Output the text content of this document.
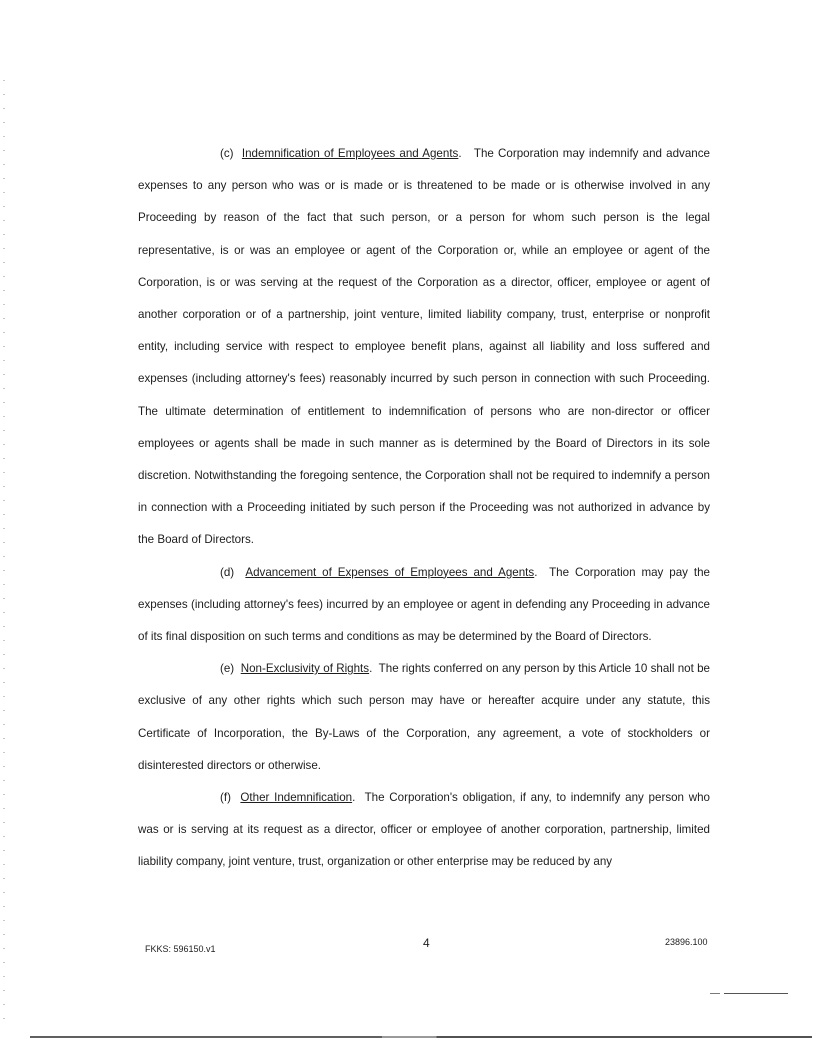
(c) Indemnification of Employees and Agents. The Corporation may indemnify and advance expenses to any person who was or is made or is threatened to be made or is otherwise involved in any Proceeding by reason of the fact that such person, or a person for whom such person is the legal representative, is or was an employee or agent of the Corporation or, while an employee or agent of the Corporation, is or was serving at the request of the Corporation as a director, officer, employee or agent of another corporation or of a partnership, joint venture, limited liability company, trust, enterprise or nonprofit entity, including service with respect to employee benefit plans, against all liability and loss suffered and expenses (including attorney's fees) reasonably incurred by such person in connection with such Proceeding. The ultimate determination of entitlement to indemnification of persons who are non-director or officer employees or agents shall be made in such manner as is determined by the Board of Directors in its sole discretion. Notwithstanding the foregoing sentence, the Corporation shall not be required to indemnify a person in connection with a Proceeding initiated by such person if the Proceeding was not authorized in advance by the Board of Directors.

(d) Advancement of Expenses of Employees and Agents. The Corporation may pay the expenses (including attorney's fees) incurred by an employee or agent in defending any Proceeding in advance of its final disposition on such terms and conditions as may be determined by the Board of Directors.

(e) Non-Exclusivity of Rights. The rights conferred on any person by this Article 10 shall not be exclusive of any other rights which such person may have or hereafter acquire under any statute, this Certificate of Incorporation, the By-Laws of the Corporation, any agreement, a vote of stockholders or disinterested directors or otherwise.

(f) Other Indemnification. The Corporation's obligation, if any, to indemnify any person who was or is serving at its request as a director, officer or employee of another corporation, partnership, limited liability company, joint venture, trust, organization or other enterprise may be reduced by any

FKKS: 596150.v1	4	23896.100
